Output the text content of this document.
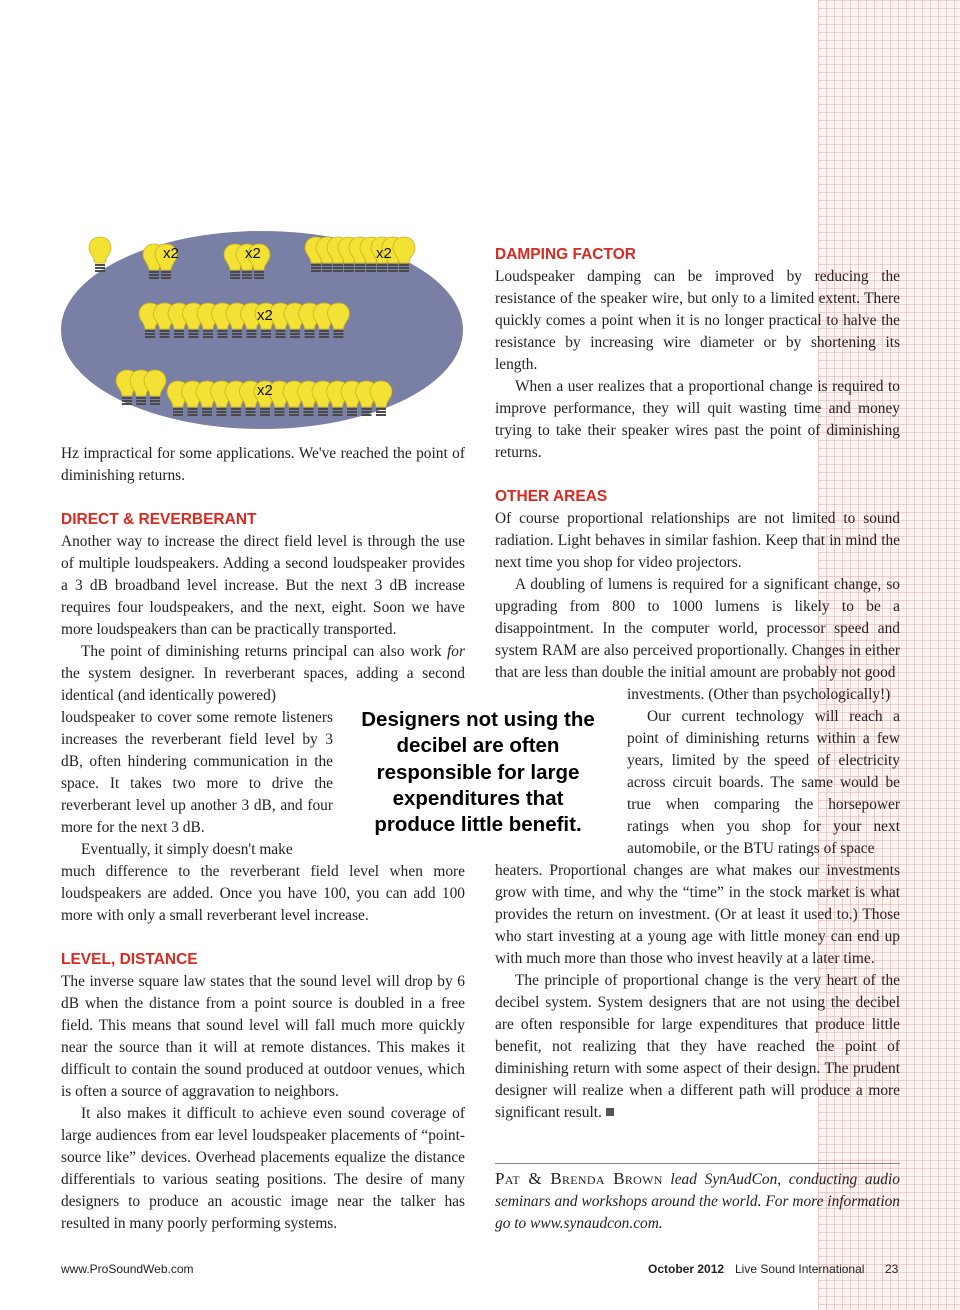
x2	x2	x2
x2
x2

Hz impractical for some applications. We've reached the point of diminishing returns.

DIRECT & REVERBERANT

Another way to increase the direct field level is through the use of multiple loudspeakers. Adding a second loudspeaker provides a 3 dB broadband level increase. But the next 3 dB increase requires four loudspeakers, and the next, eight. Soon we have more loudspeakers than can be practically transported.

The point of diminishing returns principal can also work for the system designer. In reverberant spaces, adding a second identical (and identically powered)

loudspeaker to cover some remote listeners increases the reverberant field level by 3 dB, often hindering communication in the space. It takes two more to drive the reverberant level up another 3 dB, and four more for the next 3 dB.

Eventually, it simply doesn't make

much difference to the reverberant field level when more loudspeakers are added. Once you have 100, you can add 100 more with only a small reverberant level increase.

LEVEL, DISTANCE

The inverse square law states that the sound level will drop by 6 dB when the distance from a point source is doubled in a free field. This means that sound level will fall much more quickly near the source than it will at remote distances. This makes it difficult to contain the sound produced at outdoor venues, which is often a source of aggravation to neighbors.

It also makes it difficult to achieve even sound coverage of large audiences from ear level loudspeaker placements of “point-source like” devices. Overhead placements equalize the distance differentials to various seating positions. The desire of many designers to produce an acoustic image near the talker has resulted in many poorly performing systems.

Designers not using the decibel are often responsible for large expenditures that produce little benefit.
DAMPING FACTOR

Loudspeaker damping can be improved by reducing the resistance of the speaker wire, but only to a limited extent. There quickly comes a point when it is no longer practical to halve the resistance by increasing wire diameter or by shortening its length.

When a user realizes that a proportional change is required to improve performance, they will quit wasting time and money trying to take their speaker wires past the point of diminishing returns.

OTHER AREAS

Of course proportional relationships are not limited to sound radiation. Light behaves in similar fashion. Keep that in mind the next time you shop for video projectors.

A doubling of lumens is required for a significant change, so upgrading from 800 to 1000 lumens is likely to be a disappointment. In the computer world, processor speed and system RAM are also perceived proportionally. Changes in either that are less than double the initial amount are probably not good

investments. (Other than psychologically!)

Our current technology will reach a point of diminishing returns within a few years, limited by the speed of electricity across circuit boards. The same would be true when comparing the horsepower ratings when you shop for your next automobile, or the BTU ratings of space

heaters. Proportional changes are what makes our investments grow with time, and why the “time” in the stock market is what provides the return on investment. (Or at least it used to.) Those who start investing at a young age with little money can end up with much more than those who invest heavily at a later time.

The principle of proportional change is the very heart of the decibel system. System designers that are not using the decibel are often responsible for large expenditures that produce little benefit, not realizing that they have reached the point of diminishing return with some aspect of their design. The prudent designer will realize when a different path will produce a more significant result.

Pat & Brenda Brown lead SynAudCon, conducting audio seminars and workshops around the world. For more information go to www.synaudcon.com.
www.ProSoundWeb.com	October 2012 Live Sound International 23
